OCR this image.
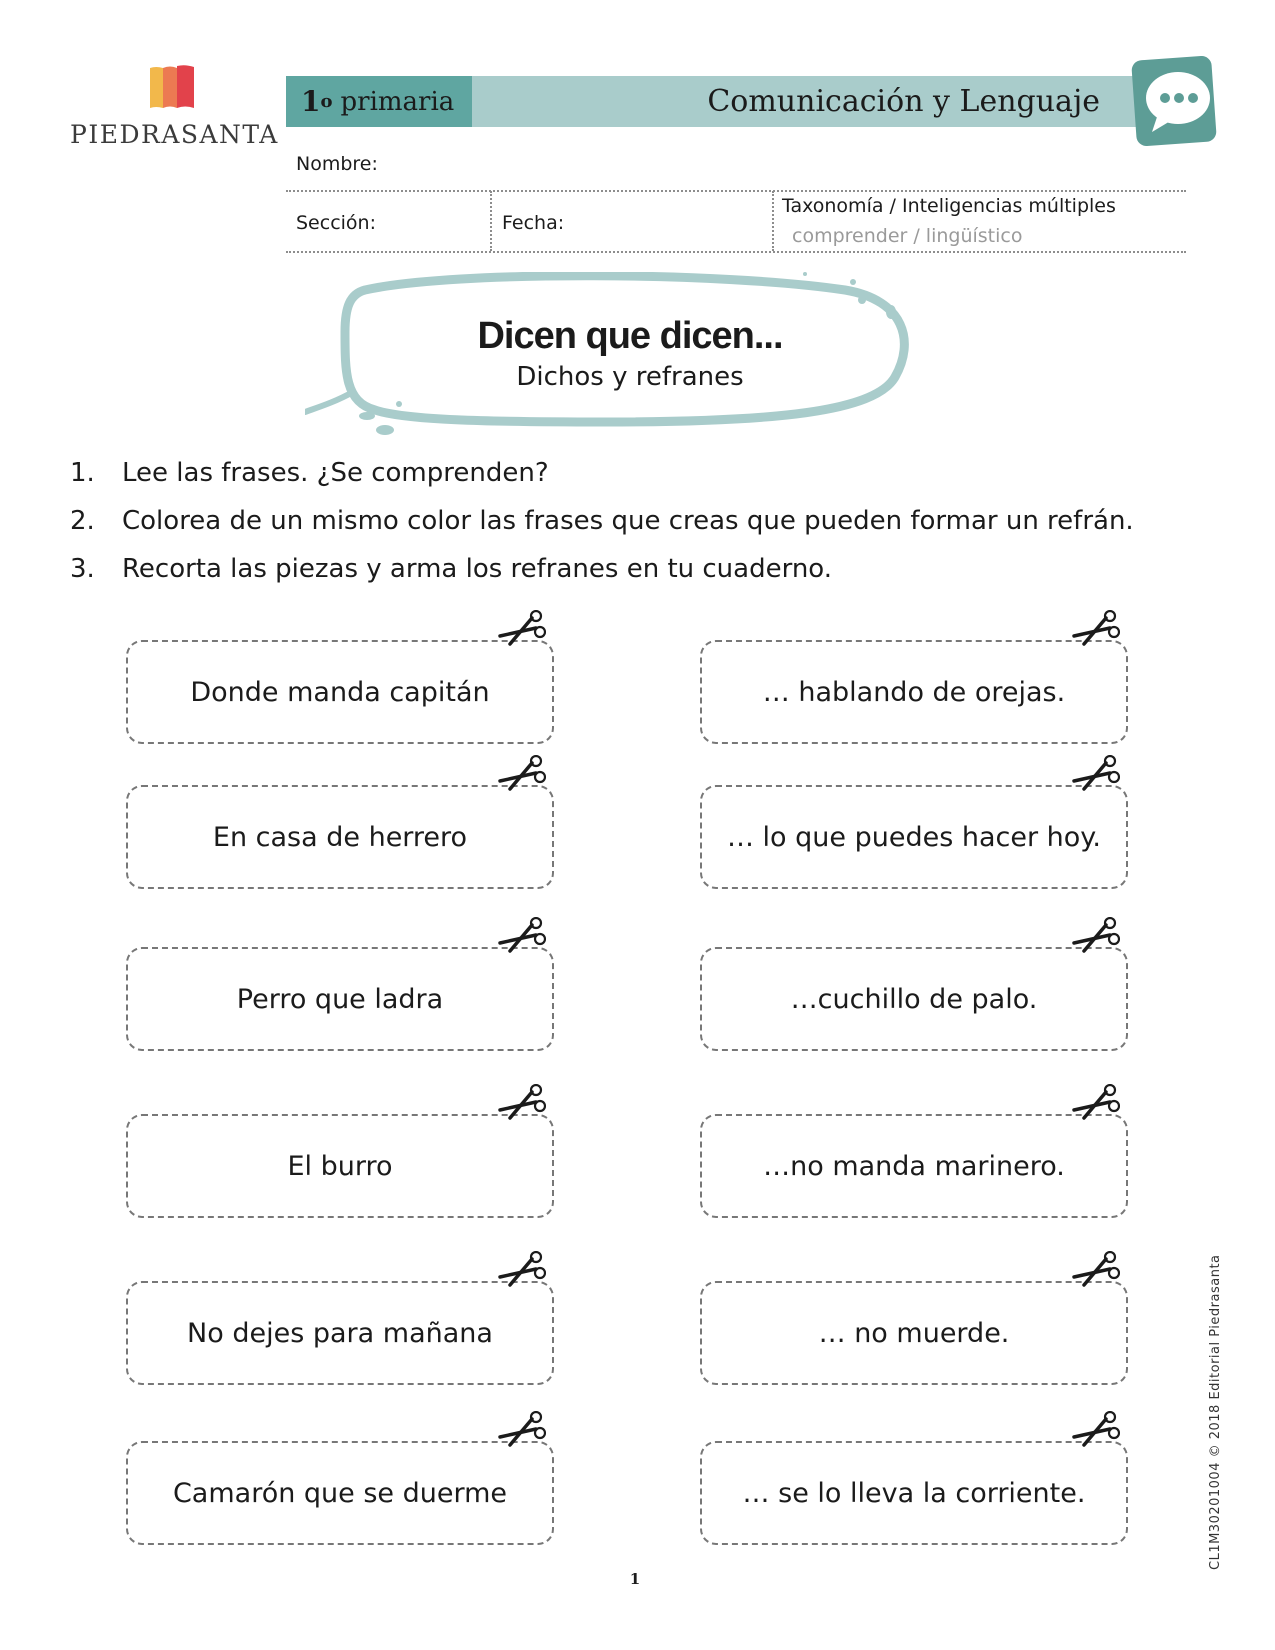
PIEDRASANTA
1 o primaria	Comunicación y Lenguaje
Nombre:
Sección:	Fecha:
Taxonomía / Inteligencias múltiples
comprender / lingüístico
Dicen que dicen...
Dichos y refranes
1. Lee las frases. ¿Se comprenden?
2. Colorea de un mismo color las frases que creas que pueden formar un refrán.
3. Recorta las piezas y arma los refranes en tu cuaderno.
Donde manda capitán
En casa de herrero
Perro que ladra
El burro
No dejes para mañana
Camarón que se duerme
… hablando de orejas.
… lo que puedes hacer hoy.
…cuchillo de palo.
…no manda marinero.
… no muerde.
… se lo lleva la corriente.
1
CL1M30201004 © 2018 Editorial Piedrasanta
